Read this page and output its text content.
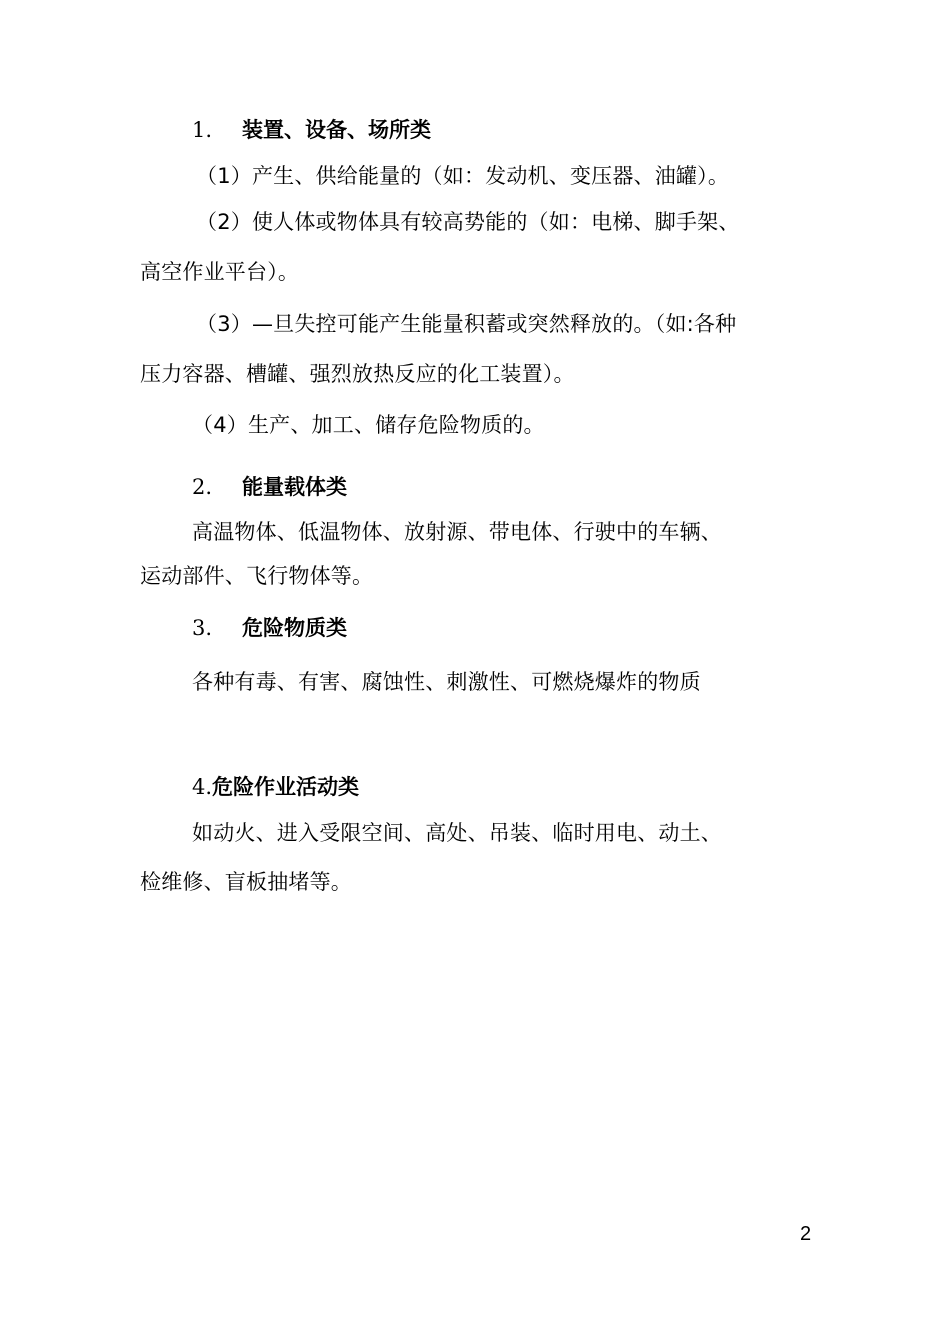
1. 装置、设备、场所类
（1）产生、供给能量的（如：发动机、变压器、油罐）。
（2）使人体或物体具有较高势能的（如：电梯、脚手架、
高空作业平台）。
（3）—旦失控可能产生能量积蓄或突然释放的。（如:各种
压力容器、槽罐、强烈放热反应的化工装置）。
（4）生产、加工、储存危险物质的。
2. 能量载体类
高温物体、低温物体、放射源、带电体、行驶中的车辆、
运动部件、飞行物体等。
3. 危险物质类
各种有毒、有害、腐蚀性、刺激性、可燃烧爆炸的物质
4.危险作业活动类
如动火、进入受限空间、高处、吊装、临时用电、动土、
检维修、盲板抽堵等。
2
